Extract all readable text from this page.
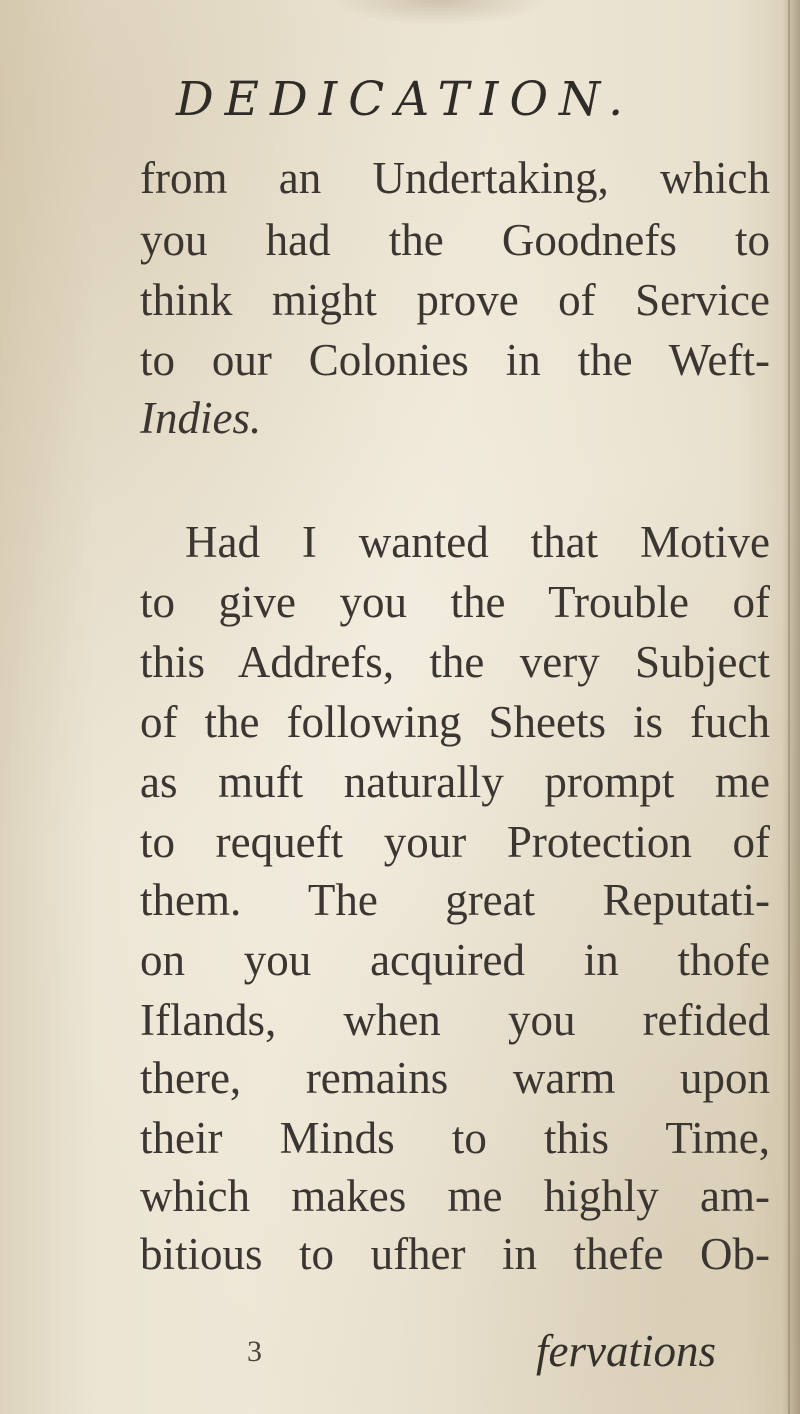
DEDICATION.
from an Undertaking, which
you had the Goodnefs to
think might prove of Service
to our Colonies in the Weft-
Indies.
Had I wanted that Motive
to give you the Trouble of
this Addrefs, the very Subject
of the following Sheets is fuch
as muft naturally prompt me
to requeft your Protection of
them. The great Reputati-
on you acquired in thofe
Iflands, when you refided
there, remains warm upon
their Minds to this Time,
which makes me highly am-
bitious to ufher in thefe Ob-
3	fervations
